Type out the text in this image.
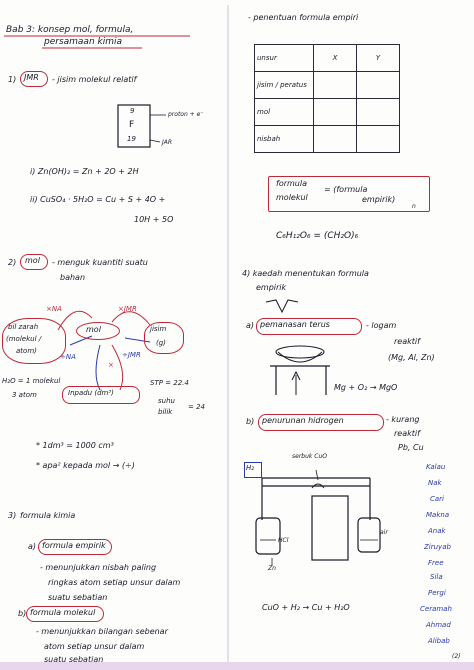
Bab 3: konsep mol, formula,
persamaan kimia
1) JMR - jisim molekul relatif
9
F
19
proton + e⁻
JAR
i) Zn(OH)₂ = Zn + 2O + 2H
ii) CuSO₄ · 5H₂O = Cu + S + 4O +
10H + 5O
2) mol - menguk kuantiti suatu
bahan
mol
bil zarah
(molekul /
atom)
jisim
(g)
Inpadu (dm³)
×NA	×JMR
÷NA	÷JMR
×
H₂O = 1 molekul
3 atom
STP = 22.4
suhu
bilik
= 24
* 1dm³ = 1000 cm³
* apa² kepada mol → (÷)
3) formula kimia
a) formula empirik
- menunjukkan nisbah paling
ringkas atom setiap unsur dalam
suatu sebatian
b) formula molekul
- menunjukkan bilangan sebenar
atom setiap unsur dalam
suatu sebatian
- penentuan formula empiri
unsur	X	Y
jisim / peratus		
mol		
nisbah		
formula
molekul
= (formula
empirik)
n
C₆H₁₂O₆ = (CH₂O)₆
4) kaedah menentukan formula
empirik
a) pemanasan terus	- logam
reaktif
(Mg, Al, Zn)
Mg + O₂ → MgO
b) penurunan hidrogen	- kurang
reaktif
Pb, Cu
H₂
serbuk CuO
HCl
Zn
air
CuO + H₂ → Cu + H₂O
Kalau
Nak
Cari
Makna
Anak
Ziruyab
Free
Sila
Pergi
Ceramah
Ahmad
Alibab
(2)
